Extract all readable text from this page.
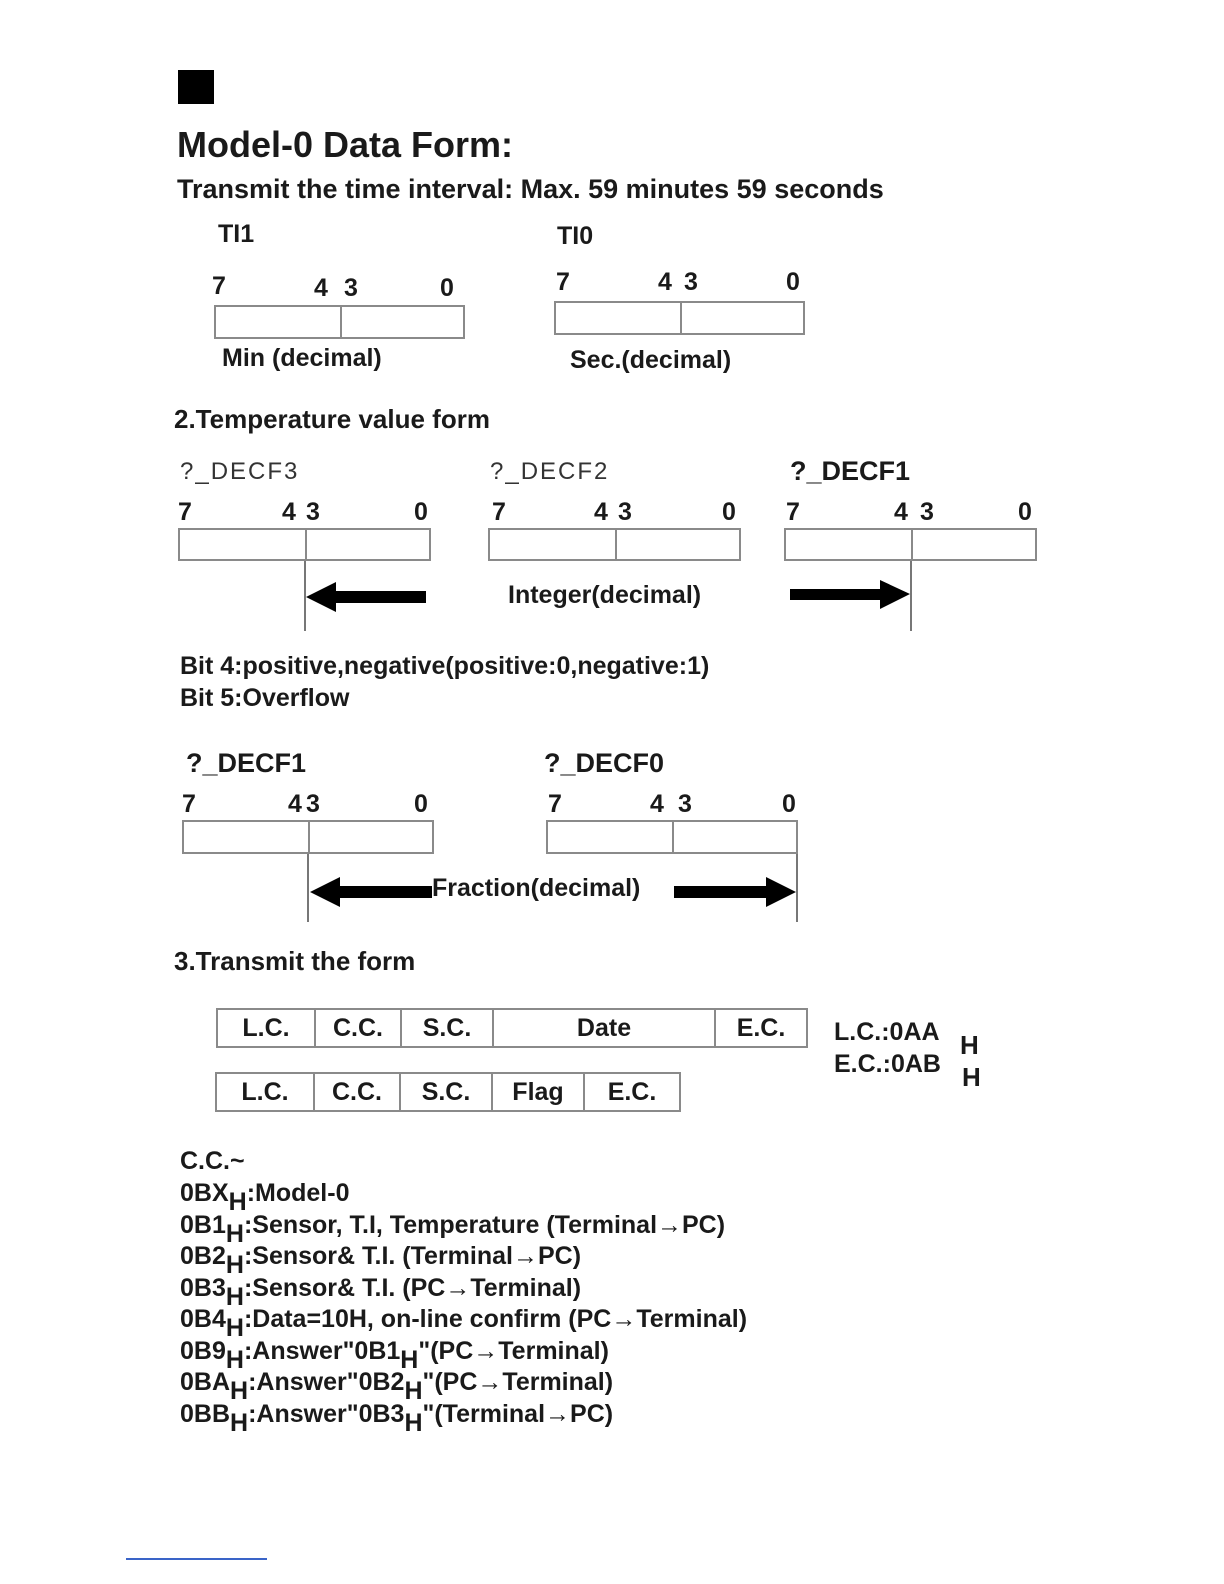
Model-0 Data Form:
Transmit the time interval: Max. 59 minutes 59 seconds
TI1
7	4 3	0
Min (decimal)
TI0
7	4 3	0
Sec.(decimal)
2.Temperature value form
?_DECF3
7	4 3	0
?_DECF2
7	4 3	0
?_DECF1
7	4 3	0
Integer(decimal)
Bit 4:positive,negative(positive:0,negative:1)
Bit 5:Overflow
?_DECF1
7	4 3	0
?_DECF0
7	4 3	0
Fraction(decimal)
3.Transmit the form
L.C.	C.C.	S.C.	Date	E.C.
L.C.	C.C.	S.C.	Flag	E.C.
L.C.:0AA H
E.C.:0AB H
C.C.~
$0BX_H:Model-0$
$0B1_H:Sensor$, T.I, Temperature (Terminal→PC)
$0B2_H:Sensor\&$ T.I. (Terminal→PC)
$0B3_H:Sensor\&$ T.I. (PC→Terminal)
$0B4_H:Data=10H$, on-line confirm (PC→Terminal)
$0B9_H:Answer"0B1_H"(PC\to Terminal)$
$0BA_H:Answer"0B2_H"(PC\to Terminal)$
$0BB_H:Answer"0B3_H"(Terminal\to PC)$
